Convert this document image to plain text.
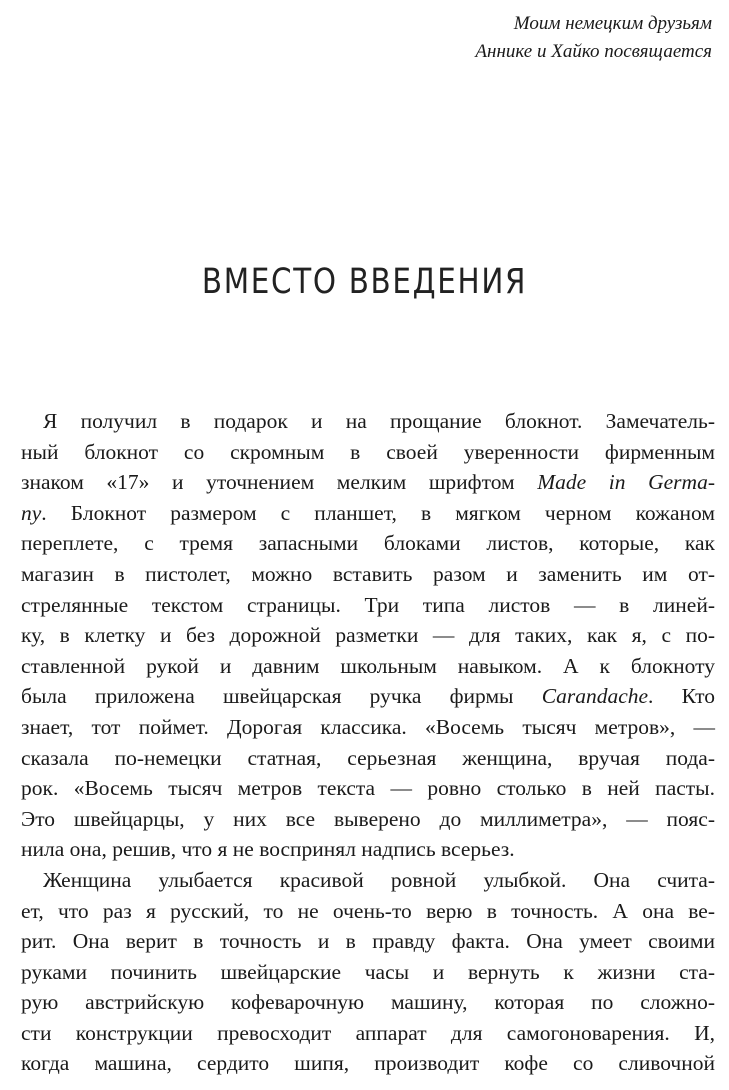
Моим немецким друзьям
Аннике и Хайко посвящается
ВМЕСТО ВВЕДЕНИЯ
Я получил в подарок и на прощание блокнот. Замечатель-
ный блокнот со скромным в своей уверенности фирменным
знаком «17» и уточнением мелким шрифтом Made in Germa-
ny. Блокнот размером с планшет, в мягком черном кожаном
переплете, с тремя запасными блоками листов, которые, как
магазин в пистолет, можно вставить разом и заменить им от-
стрелянные текстом страницы. Три типа листов — в линей-
ку, в клетку и без дорожной разметки — для таких, как я, с по-
ставленной рукой и давним школьным навыком. А к блокноту
была приложена швейцарская ручка фирмы Carandache. Кто
знает, тот поймет. Дорогая классика. «Восемь тысяч метров», —
сказала по-немецки статная, серьезная женщина, вручая пода-
рок. «Восемь тысяч метров текста — ровно столько в ней пасты.
Это швейцарцы, у них все выверено до миллиметра», — пояс-
нила она, решив, что я не воспринял надпись всерьез.
Женщина улыбается красивой ровной улыбкой. Она счита-
ет, что раз я русский, то не очень-то верю в точность. А она ве-
рит. Она верит в точность и в правду факта. Она умеет своими
руками починить швейцарские часы и вернуть к жизни ста-
рую австрийскую кофеварочную машину, которая по сложно-
сти конструкции превосходит аппарат для самогоноварения. И,
когда машина, сердито шипя, производит кофе со сливочной
